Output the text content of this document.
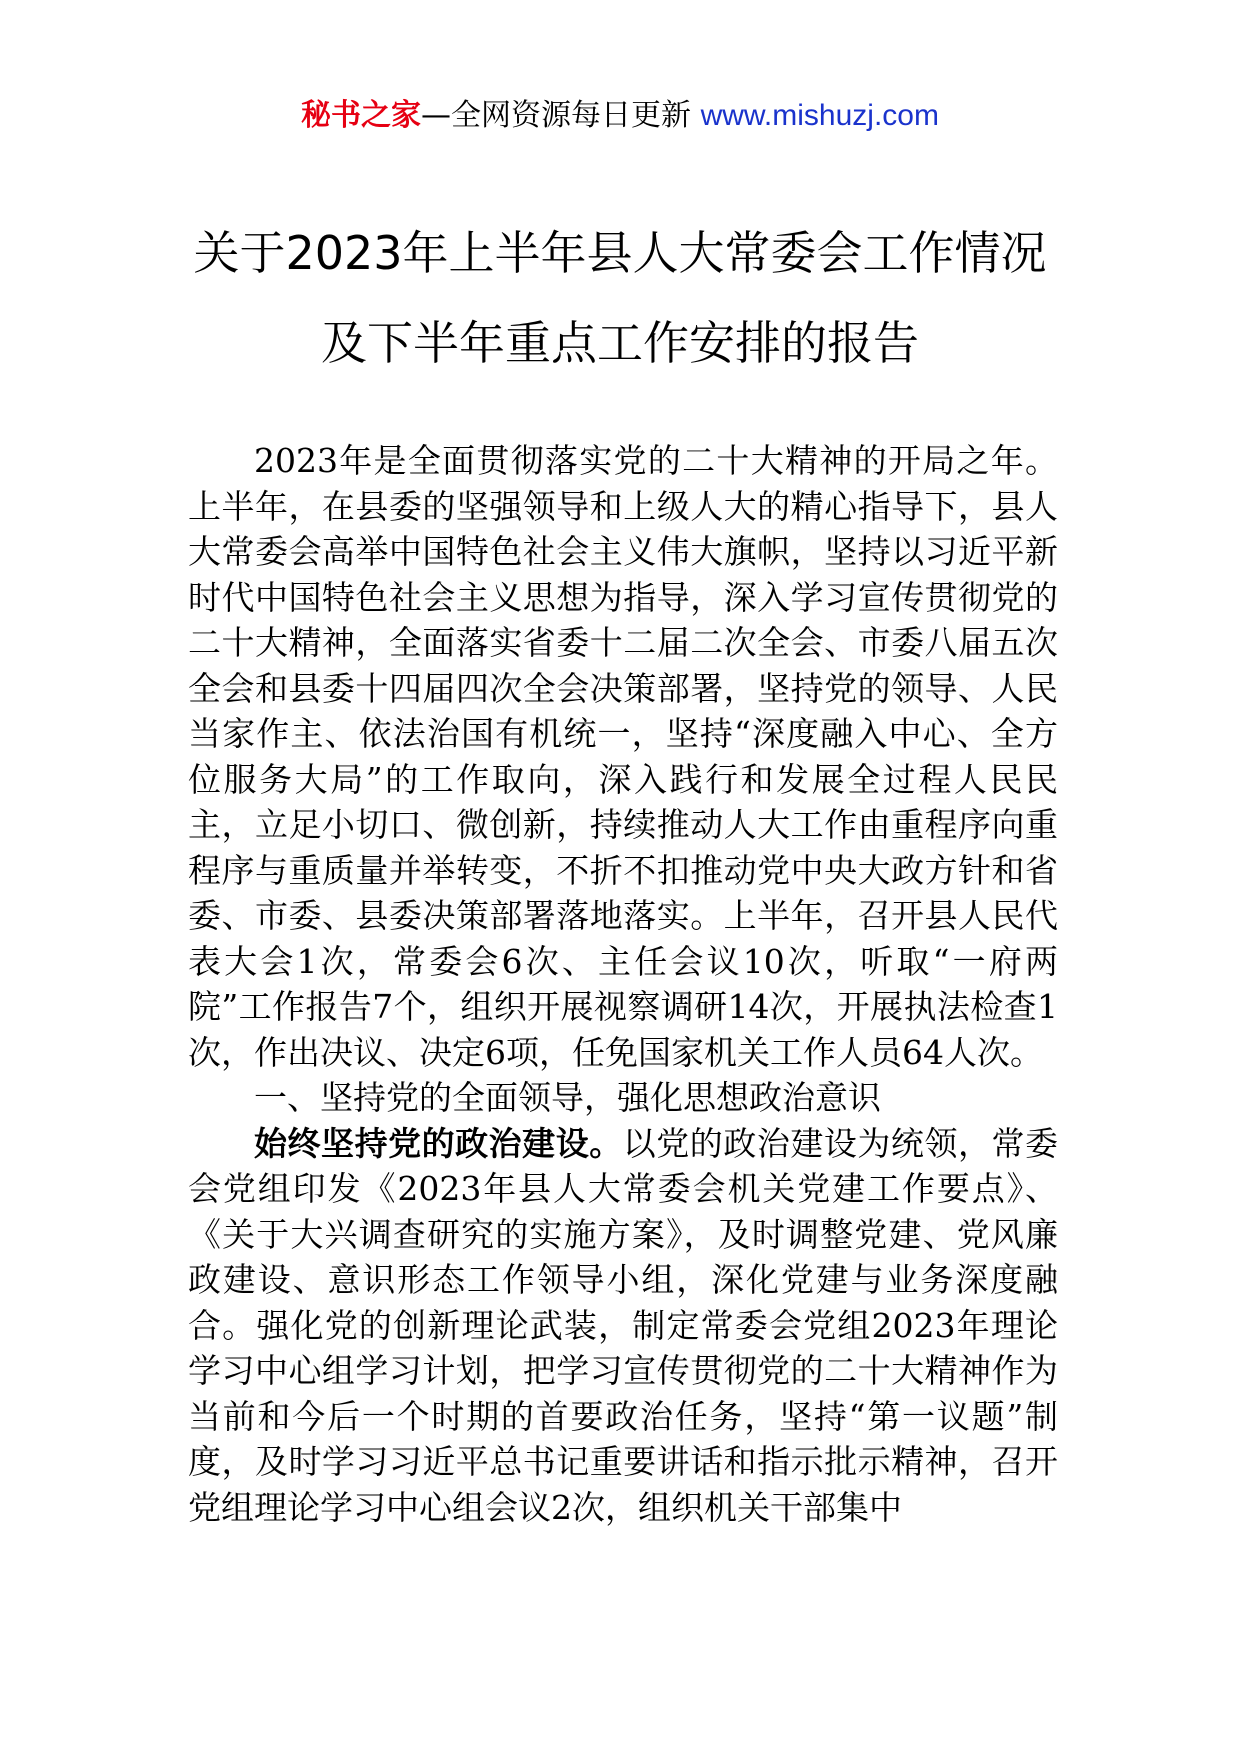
秘书之家—全网资源每日更新 www.mishuzj.com
关于2023年上半年县人大常委会工作情况
及下半年重点工作安排的报告

2023年是全面贯彻落实党的二十大精神的开局之年。上半年，在县委的坚强领导和上级人大的精心指导下，县人大常委会高举中国特色社会主义伟大旗帜，坚持以习近平新时代中国特色社会主义思想为指导，深入学习宣传贯彻党的二十大精神，全面落实省委十二届二次全会、市委八届五次全会和县委十四届四次全会决策部署，坚持党的领导、人民当家作主、依法治国有机统一，坚持“深度融入中心、全方位服务大局”的工作取向，深入践行和发展全过程人民民主，立足小切口、微创新，持续推动人大工作由重程序向重程序与重质量并举转变，不折不扣推动党中央大政方针和省委、市委、县委决策部署落地落实。上半年，召开县人民代表大会1次，常委会6次、主任会议10次，听取“一府两院”工作报告7个，组织开展视察调研14次，开展执法检查1次，作出决议、决定6项，任免国家机关工作人员64人次。

一、坚持党的全面领导，强化思想政治意识

始终坚持党的政治建设。以党的政治建设为统领，常委会党组印发《2023年县人大常委会机关党建工作要点》、《关于大兴调查研究的实施方案》，及时调整党建、党风廉政建设、意识形态工作领导小组，深化党建与业务深度融合。强化党的创新理论武装，制定常委会党组2023年理论学习中心组学习计划，把学习宣传贯彻党的二十大精神作为当前和今后一个时期的首要政治任务，坚持“第一议题”制度，及时学习习近平总书记重要讲话和指示批示精神，召开党组理论学习中心组会议2次，组织机关干部集中
